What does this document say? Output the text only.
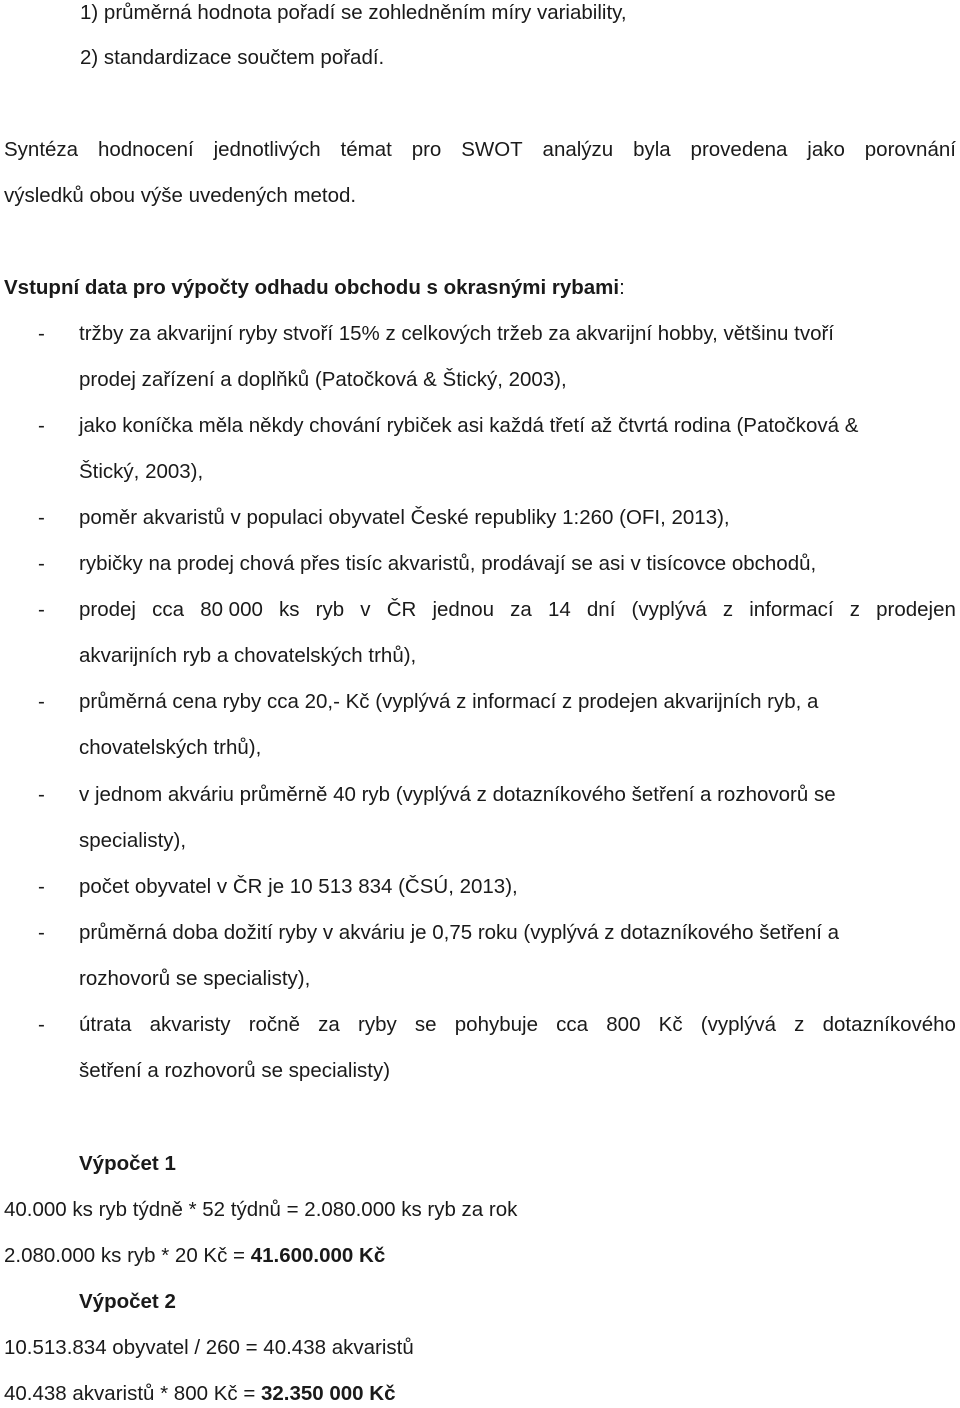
1) průměrná hodnota pořadí se zohledněním míry variability,
2) standardizace součtem pořadí.
Syntéza hodnocení jednotlivých témat pro SWOT analýzu byla provedena jako porovnání
výsledků obou výše uvedených metod.
Vstupní data pro výpočty odhadu obchodu s okrasnými rybami:
- tržby za akvarijní ryby stvoří 15% z celkových tržeb za akvarijní hobby, většinu tvoří
prodej zařízení a doplňků (Patočková & Štický, 2003),
- jako koníčka měla někdy chování rybiček asi každá třetí až čtvrtá rodina (Patočková &
Štický, 2003),
- poměr akvaristů v populaci obyvatel České republiky 1:260 (OFI, 2013),
- rybičky na prodej chová přes tisíc akvaristů, prodávají se asi v tisícovce obchodů,
- prodej cca 80 000 ks ryb v ČR jednou za 14 dní (vyplývá z informací z prodejen
akvarijních ryb a chovatelských trhů),
- průměrná cena ryby cca 20,- Kč (vyplývá z informací z prodejen akvarijních ryb, a
chovatelských trhů),
- v jednom akváriu průměrně 40 ryb (vyplývá z dotazníkového šetření a rozhovorů se
specialisty),
- počet obyvatel v ČR je 10 513 834 (ČSÚ, 2013),
- průměrná doba dožití ryby v akváriu je 0,75 roku (vyplývá z dotazníkového šetření a
rozhovorů se specialisty),
- útrata akvaristy ročně za ryby se pohybuje cca 800 Kč (vyplývá z dotazníkového
šetření a rozhovorů se specialisty)
Výpočet 1
40.000 ks ryb týdně * 52 týdnů = 2.080.000 ks ryb za rok
2.080.000 ks ryb * 20 Kč = 41.600.000 Kč
Výpočet 2
10.513.834 obyvatel / 260 = 40.438 akvaristů
40.438 akvaristů * 800 Kč = 32.350 000 Kč
